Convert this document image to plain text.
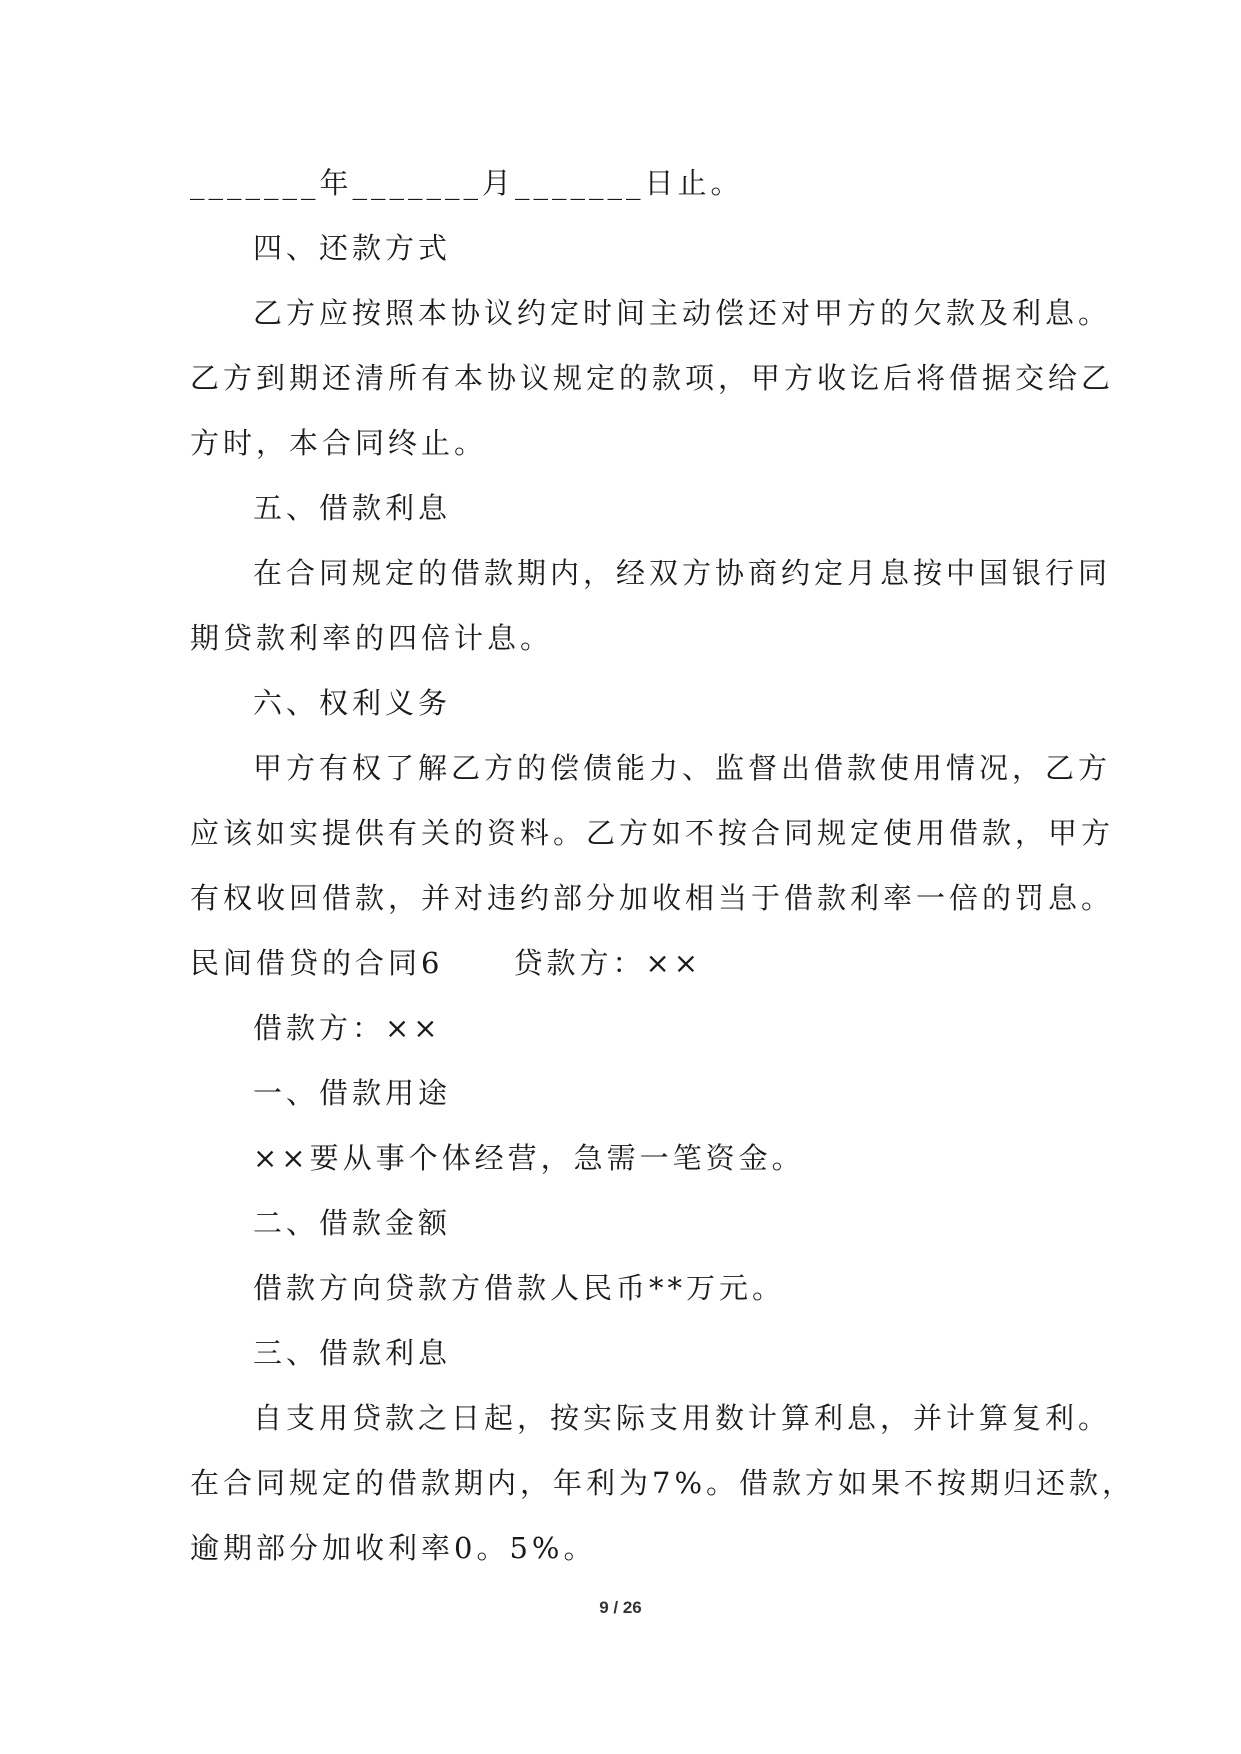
_______年_______月_______日止。
四、还款方式
乙方应按照本协议约定时间主动偿还对甲方的欠款及利息。
乙方到期还清所有本协议规定的款项，甲方收讫后将借据交给乙
方时，本合同终止。
五、借款利息
在合同规定的借款期内，经双方协商约定月息按中国银行同
期贷款利率的四倍计息。
六、权利义务
甲方有权了解乙方的偿债能力、监督出借款使用情况，乙方
应该如实提供有关的资料。乙方如不按合同规定使用借款，甲方
有权收回借款，并对违约部分加收相当于借款利率一倍的罚息。
民间借贷的合同6 贷款方：××
借款方：××
一、借款用途
××要从事个体经营，急需一笔资金。
二、借款金额
借款方向贷款方借款人民币**万元。
三、借款利息
自支用贷款之日起，按实际支用数计算利息，并计算复利。
在合同规定的借款期内，年利为7%。借款方如果不按期归还款，
逾期部分加收利率0。5%。
9 / 26
